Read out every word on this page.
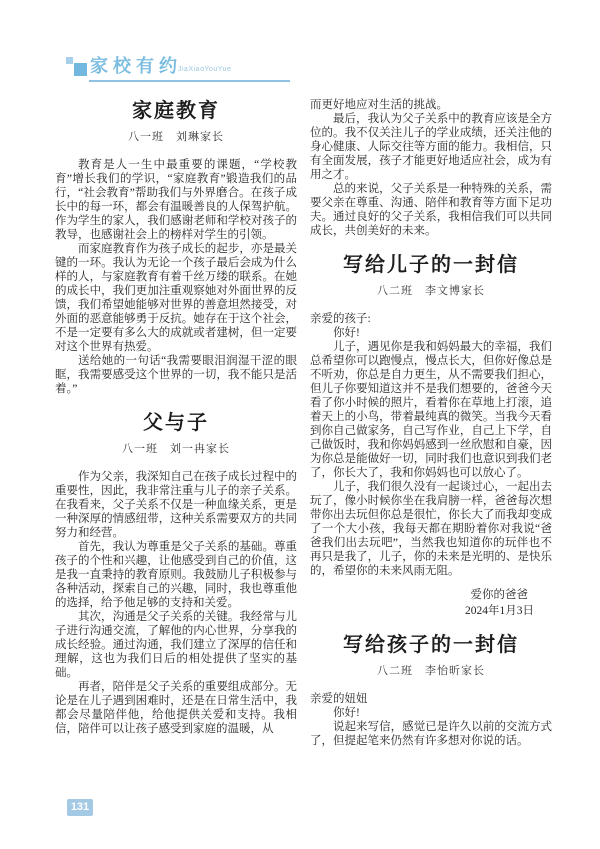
家校有约
JiaXiaoYouYue
家庭教育
八一班　刘琳家长

教育是人一生中最重要的课题，“学校教育”增长我们的学识，“家庭教育”锻造我们的品行，“社会教育”帮助我们与外界磨合。在孩子成长中的每一环，都会有温暖善良的人保驾护航。作为学生的家人，我们感谢老师和学校对孩子的教导，也感谢社会上的榜样对学生的引领。

而家庭教育作为孩子成长的起步，亦是最关键的一环。我认为无论一个孩子最后会成为什么样的人，与家庭教育有着千丝万缕的联系。在她的成长中，我们更加注重观察她对外面世界的反馈，我们希望她能够对世界的善意坦然接受，对外面的恶意能够勇于反抗。她存在于这个社会，不是一定要有多么大的成就或者建树，但一定要对这个世界有热爱。

送给她的一句话“我需要眼泪润湿干涩的眼眶，我需要感受这个世界的一切，我不能只是活着。”

父与子
八一班　刘一冉家长

作为父亲，我深知自己在孩子成长过程中的重要性，因此，我非常注重与儿子的亲子关系。在我看来，父子关系不仅是一种血缘关系，更是一种深厚的情感纽带，这种关系需要双方的共同努力和经营。

首先，我认为尊重是父子关系的基础。尊重孩子的个性和兴趣，让他感受到自己的价值，这是我一直秉持的教育原则。我鼓励儿子积极参与各种活动，探索自己的兴趣，同时，我也尊重他的选择，给予他足够的支持和关爱。

其次，沟通是父子关系的关键。我经常与儿子进行沟通交流，了解他的内心世界，分享我的成长经验。通过沟通，我们建立了深厚的信任和理解，这也为我们日后的相处提供了坚实的基础。

再者，陪伴是父子关系的重要组成部分。无论是在儿子遇到困难时，还是在日常生活中，我都会尽量陪伴他，给他提供关爱和支持。我相信，陪伴可以让孩子感受到家庭的温暖，从

而更好地应对生活的挑战。

最后，我认为父子关系中的教育应该是全方位的。我不仅关注儿子的学业成绩，还关注他的身心健康、人际交往等方面的能力。我相信，只有全面发展，孩子才能更好地适应社会，成为有用之才。

总的来说，父子关系是一种特殊的关系，需要父亲在尊重、沟通、陪伴和教育等方面下足功夫。通过良好的父子关系，我相信我们可以共同成长，共创美好的未来。

写给儿子的一封信
八二班　李文博家长

亲爱的孩子:

你好!

儿子，遇见你是我和妈妈最大的幸福，我们总希望你可以跑慢点，慢点长大，但你好像总是不听劝，你总是自力更生，从不需要我们担心，但儿子你要知道这并不是我们想要的，爸爸今天看了你小时候的照片，看着你在草地上打滚，追着天上的小鸟，带着最纯真的微笑。当我今天看到你自己做家务，自己写作业，自己上下学，自己做饭时，我和你妈妈感到一丝欣慰和自豪，因为你总是能做好一切，同时我们也意识到我们老了，你长大了，我和你妈妈也可以放心了。

儿子，我们很久没有一起谈过心，一起出去玩了，像小时候你坐在我肩膀一样，爸爸每次想带你出去玩但你总是很忙，你长大了而我却变成了一个大小孩，我每天都在期盼着你对我说“爸爸我们出去玩吧”，当然我也知道你的玩伴也不再只是我了，儿子，你的未来是光明的、是快乐的，希望你的未来风雨无阻。

爱你的爸爸

2024年1月3日

写给孩子的一封信
八二班　李怡昕家长

亲爱的妞妞

你好!

说起来写信，感觉已是许久以前的交流方式了，但提起笔来仍然有许多想对你说的话。

131
